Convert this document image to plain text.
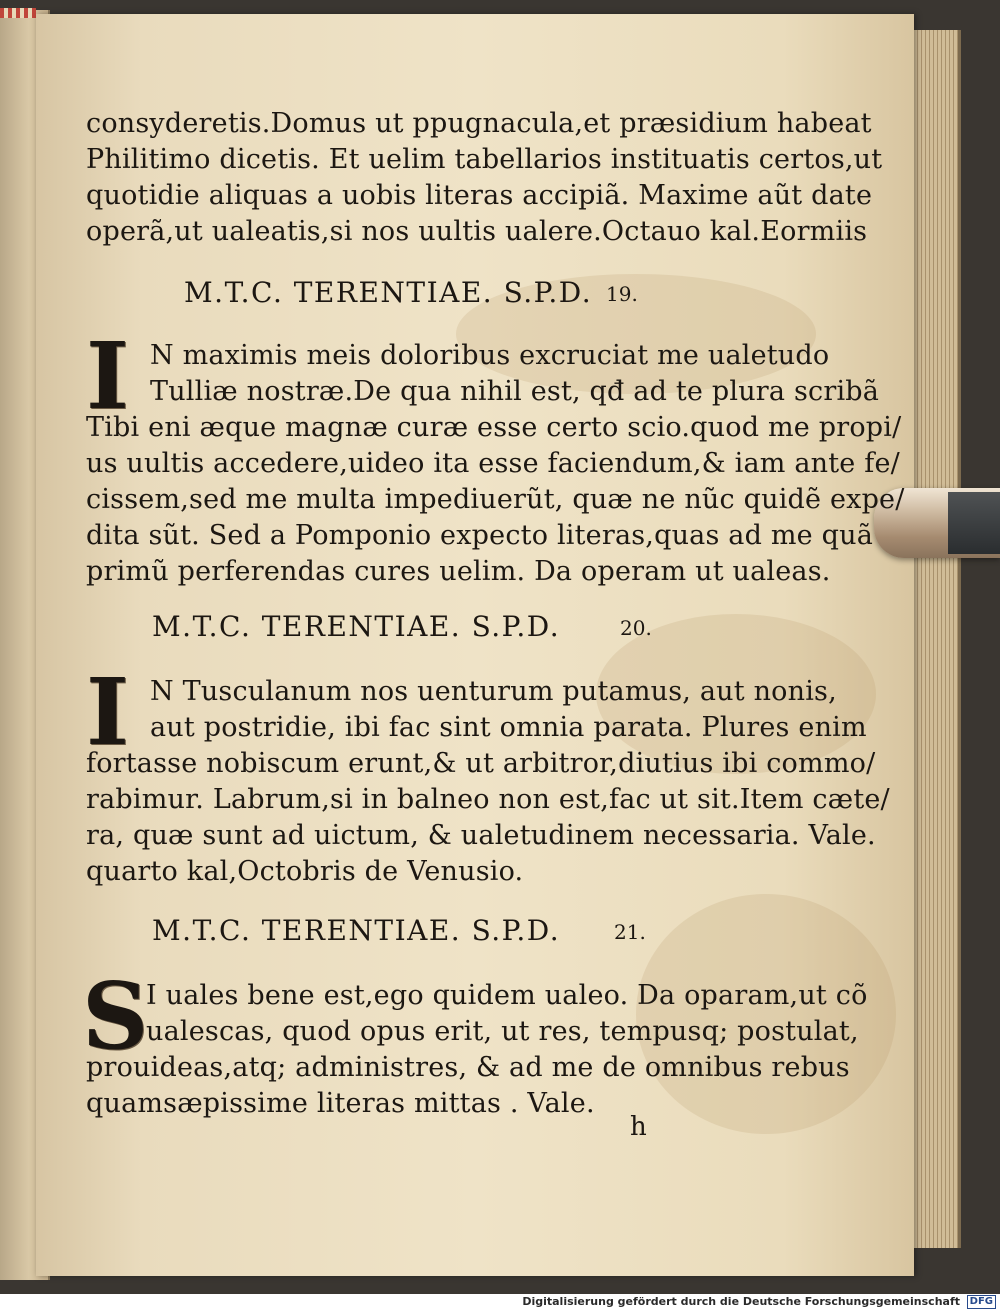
consyderetis.Domus ut ppugnacula,et præsidium habeat
Philitimo dicetis. Et uelim tabellarios instituatis certos,ut
quotidie aliquas a uobis literas accipiã. Maxime aũt date
operã,ut ualeatis,si nos uultis ualere.Octauo kal.Eormiis
M.T.C. TERENTIAE. S.P.D. 19.
I N maximis meis doloribus excruciat me ualetudo
Tulliæ nostræ.De qua nihil est, qđ ad te plura scribã
Tibi eni æque magnæ curæ esse certo scio.quod me propi/
us uultis accedere,uideo ita esse faciendum,& iam ante fe/
cissem,sed me multa impediuerũt, quæ ne nũc quidẽ expe/
dita sũt. Sed a Pomponio expecto literas,quas ad me quã
primũ perferendas cures uelim. Da operam ut ualeas.
M.T.C. TERENTIAE. S.P.D.	20.
I N Tusculanum nos uenturum putamus, aut nonis,
aut postridie, ibi fac sint omnia parata. Plures enim
fortasse nobiscum erunt,& ut arbitror,diutius ibi commo/
rabimur. Labrum,si in balneo non est,fac ut sit.Item cæte/
ra, quæ sunt ad uictum, & ualetudinem necessaria. Vale.
quarto kal,Octobris de Venusio.
M.T.C. TERENTIAE. S.P.D.	21.
S
I uales bene est,ego quidem ualeo. Da oparam,ut cõ
ualescas, quod opus erit, ut res, tempusq; postulat,
prouideas,atq; administres, & ad me de omnibus rebus
quamsæpissime literas mittas . Vale.
h
Digitalisierung gefördert durch die Deutsche Forschungsgemeinschaft DFG
